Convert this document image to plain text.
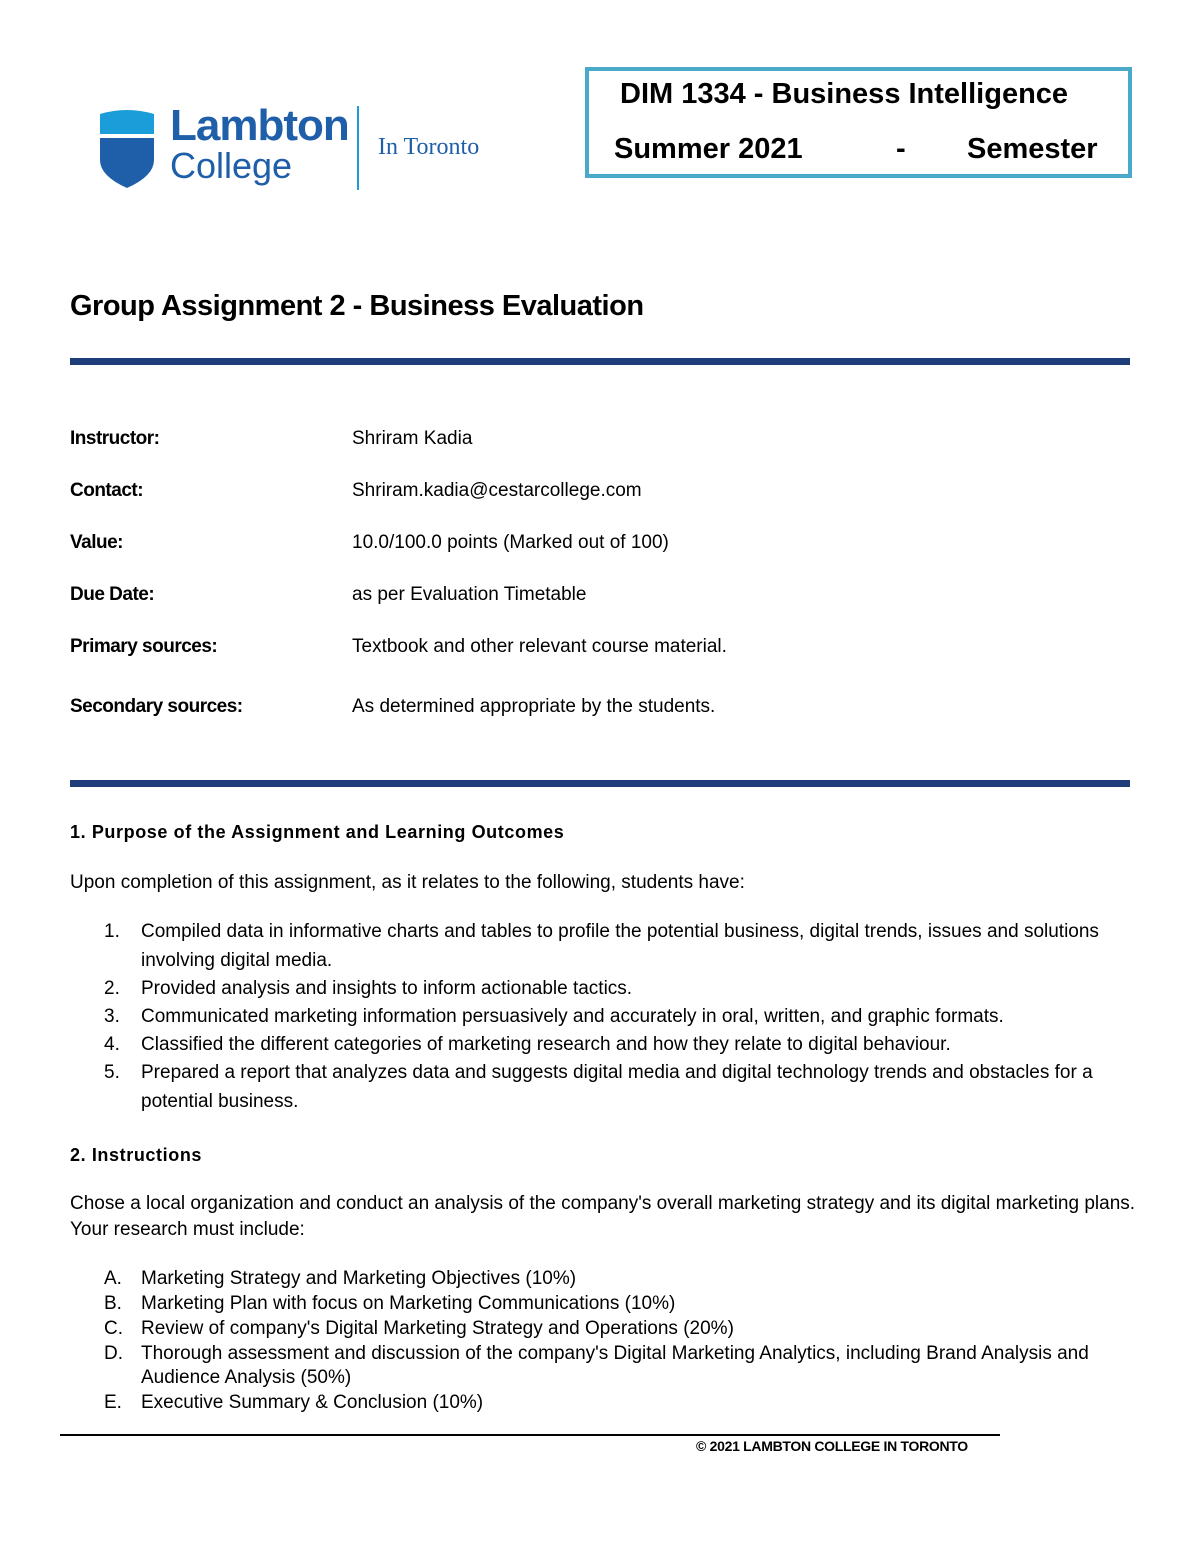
Lambton
College	In Toronto
DIM 1334 - Business Intelligence
Summer 2021	- Semester
Group Assignment 2 - Business Evaluation
Instructor:	Shriram Kadia
Contact:	Shriram.kadia@cestarcollege.com
Value:	10.0/100.0 points (Marked out of 100)
Due Date:	as per Evaluation Timetable
Primary sources:	Textbook and other relevant course material.
Secondary sources:	As determined appropriate by the students.
1. Purpose of the Assignment and Learning Outcomes
Upon completion of this assignment, as it relates to the following, students have:
1. Compiled data in informative charts and tables to profile the potential business, digital trends, issues and solutions involving digital media.
2. Provided analysis and insights to inform actionable tactics.
3. Communicated marketing information persuasively and accurately in oral, written, and graphic formats.
4. Classified the different categories of marketing research and how they relate to digital behaviour.
5. Prepared a report that analyzes data and suggests digital media and digital technology trends and obstacles for a potential business.
2. Instructions
Chose a local organization and conduct an analysis of the company's overall marketing strategy and its digital marketing plans. Your research must include:
A. Marketing Strategy and Marketing Objectives (10%)
B. Marketing Plan with focus on Marketing Communications (10%)
C. Review of company's Digital Marketing Strategy and Operations (20%)
D. Thorough assessment and discussion of the company's Digital Marketing Analytics, including Brand Analysis and Audience Analysis (50%)
E. Executive Summary & Conclusion (10%)
© 2021 LAMBTON COLLEGE IN TORONTO
